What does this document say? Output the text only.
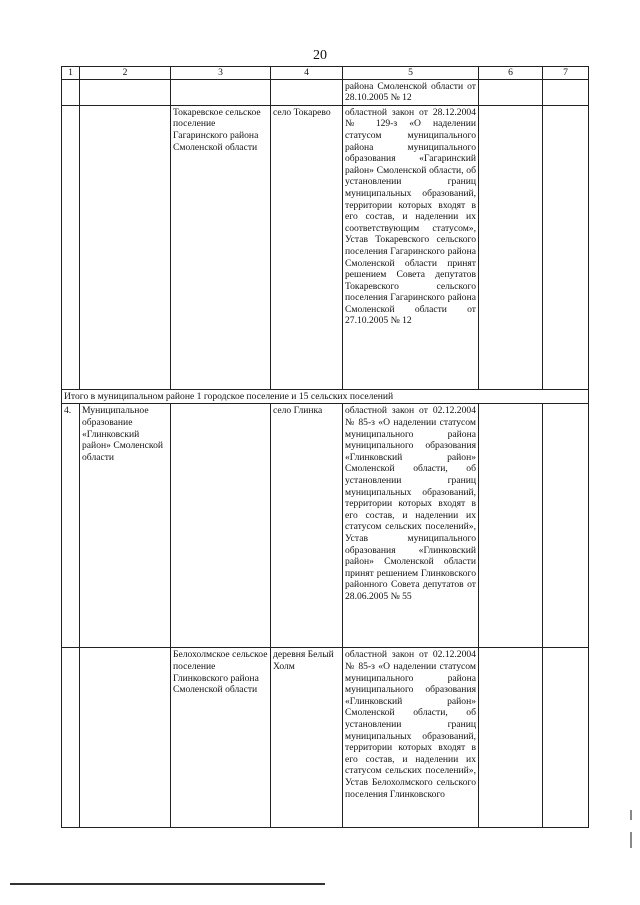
20
1	2	3	4	5	6	7
				района Смоленской области от 28.10.2005 № 12		
		Токаревское сельское поселение Гагаринского района Смоленской области	село Токарево	областной закон от 28.12.2004 № 129-з «О наделении статусом муниципального района муниципального образования «Гагаринский район» Смоленской области, об установлении границ муниципальных образований, территории которых входят в его состав, и наделении их соответствующим статусом», Устав Токаревского сельского поселения Гагаринского района Смоленской области принят решением Совета депутатов Токаревского сельского поселения Гагаринского района Смоленской области от 27.10.2005 № 12		
Итого в муниципальном районе 1 городское поселение и 15 сельских поселений						
4.	Муниципальное образование «Глинковский район» Смоленской области		село Глинка	областной закон от 02.12.2004 № 85-з «О наделении статусом муниципального района муниципального образования «Глинковский район» Смоленской области, об установлении границ муниципальных образований, территории которых входят в его состав, и наделении их статусом сельских поселений», Устав муниципального образования «Глинковский район» Смоленской области принят решением Глинковского районного Совета депутатов от 28.06.2005 № 55		
		Белохолмское сельское поселение Глинковского района Смоленской области	деревня Белый Холм	областной закон от 02.12.2004 № 85-з «О наделении статусом муниципального района муниципального образования «Глинковский район» Смоленской области, об установлении границ муниципальных образований, территории которых входят в его состав, и наделении их статусом сельских поселений», Устав Белохолмского сельского поселения Глинковского		
